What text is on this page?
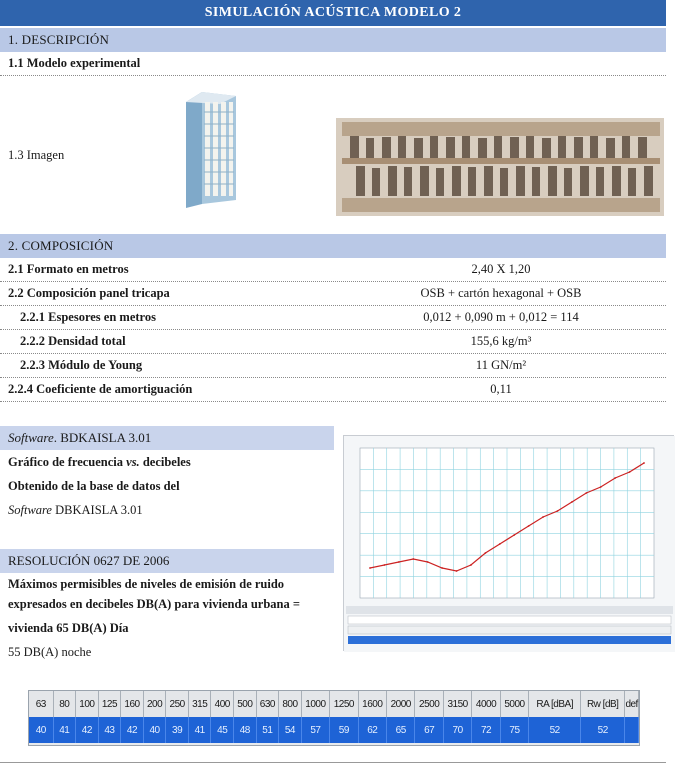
SIMULACIÓN ACÚSTICA MODELO 2
1. DESCRIPCIÓN
1.1 Modelo experimental
1.3 Imagen
2. COMPOSICIÓN
2.1 Formato en metros	2,40 X 1,20
2.2 Composición panel tricapa	OSB + cartón hexagonal + OSB
2.2.1 Espesores en metros	0,012 + 0,090 m + 0,012 = 114
2.2.2 Densidad total	155,6 kg/m³
2.2.3 Módulo de Young	11 GN/m²
2.2.4 Coeficiente de amortiguación	0,11
Software . BDKAISLA 3.01
Gráfico de frecuencia vs. decibeles
Obtenido de la base de datos del
Software DBKAISLA 3.01
RESOLUCIÓN 0627 DE 2006
Máximos permisibles de niveles de emisión de ruido
expresados en decibeles DB(A) para vivienda urbana =
vivienda 65 DB(A) Día
55 DB(A) noche
63	80 100 125 160 200 250 315 400 500 630 800 1000 1250 1600 2000 2500 3150 4000 5000	RA [dBA]	Rw [dB] def
40	41	42	43	42	40	39	41	45	48	51	54	57	59	62	65	67	70	72	75	52	52
